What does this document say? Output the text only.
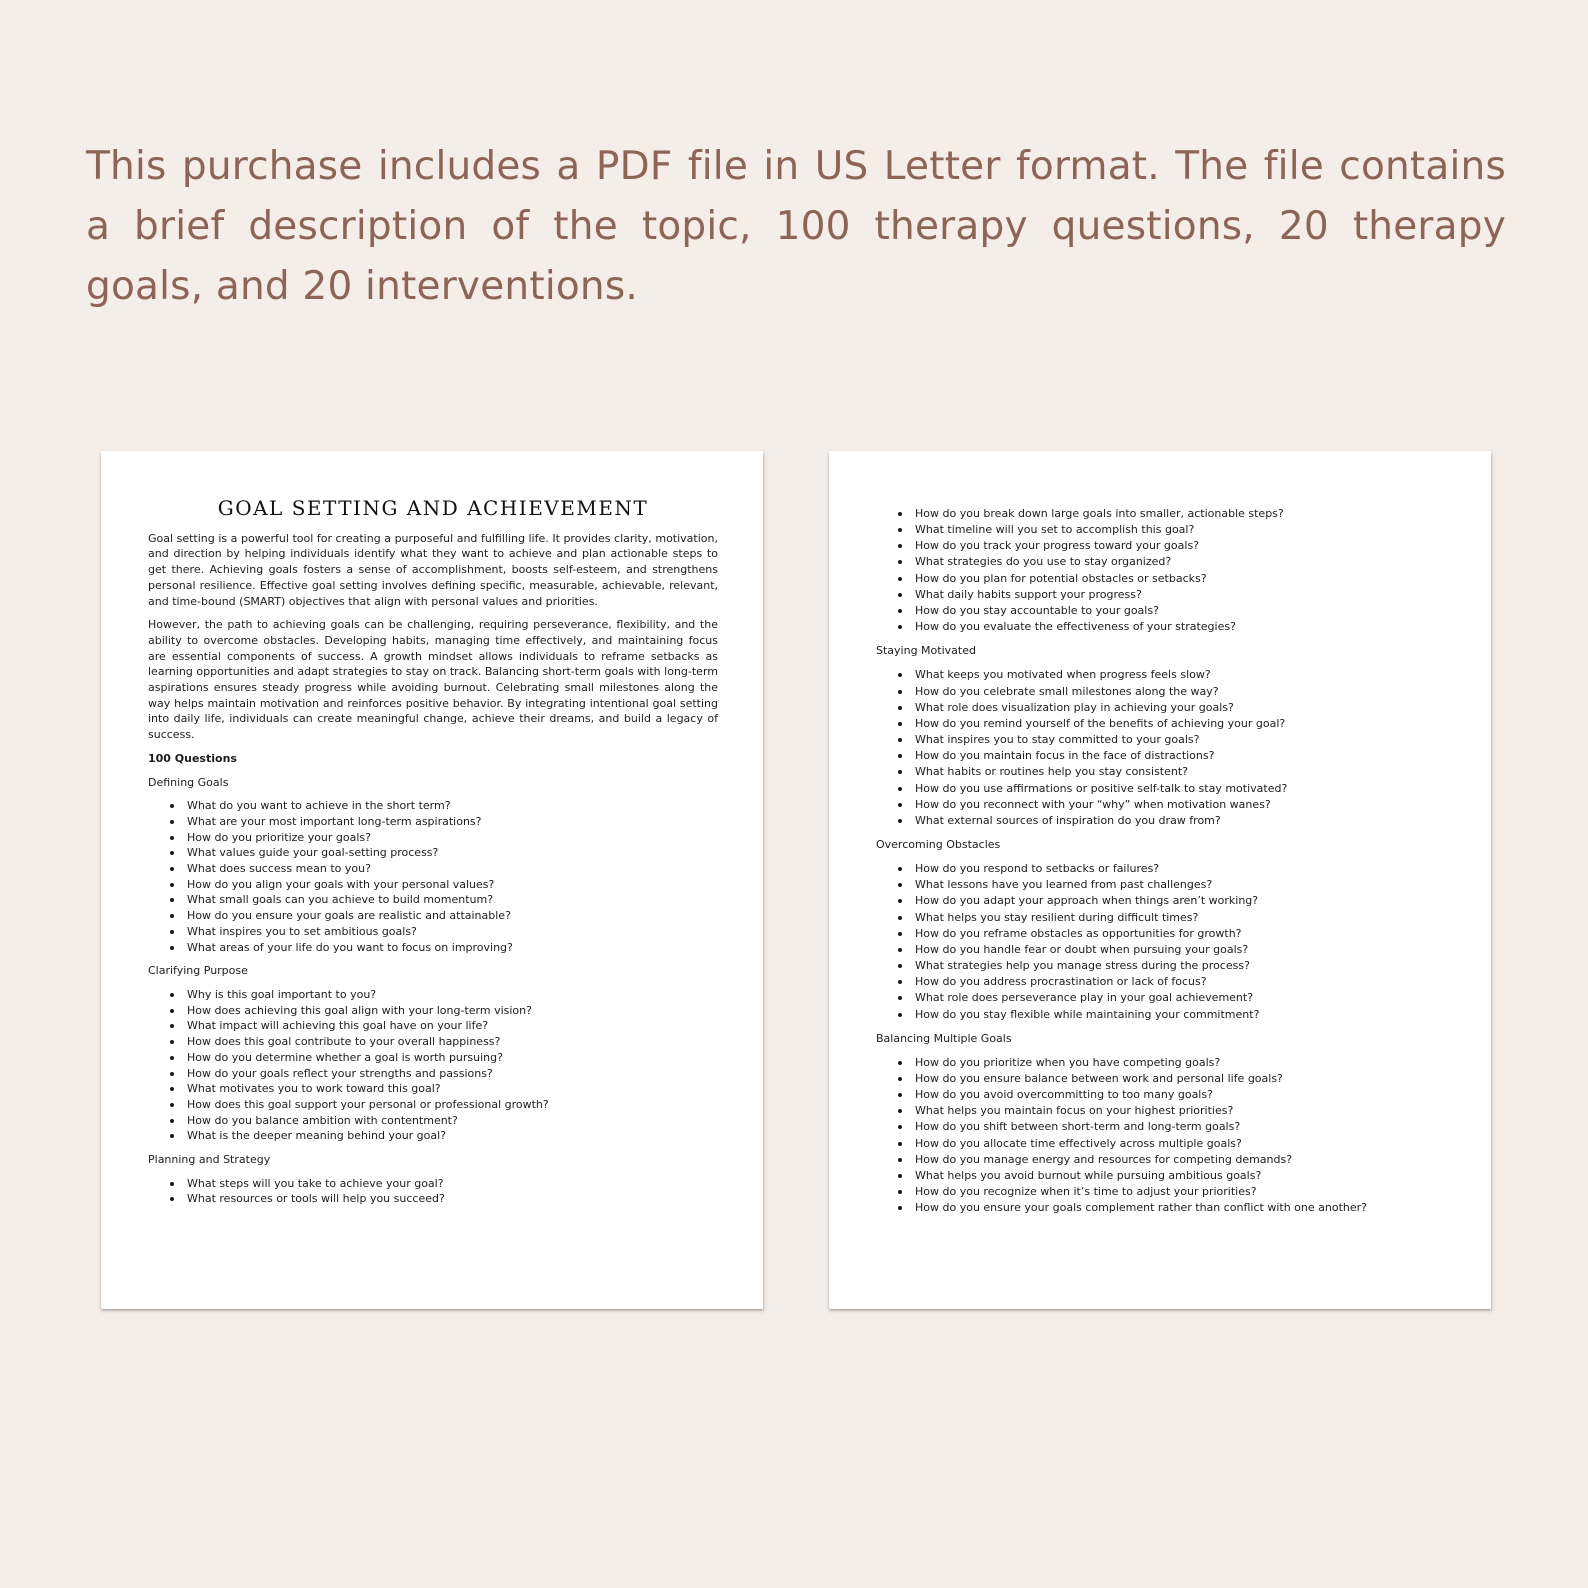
This purchase includes a PDF file in US Letter format. The file contains a brief description of the topic, 100 therapy questions, 20 therapy goals, and 20 interventions.

GOAL SETTING AND ACHIEVEMENT

Goal setting is a powerful tool for creating a purposeful and fulfilling life. It provides clarity, motivation, and direction by helping individuals identify what they want to achieve and plan actionable steps to get there. Achieving goals fosters a sense of accomplishment, boosts self-esteem, and strengthens personal resilience. Effective goal setting involves defining specific, measurable, achievable, relevant, and time-bound (SMART) objectives that align with personal values and priorities.

However, the path to achieving goals can be challenging, requiring perseverance, flexibility, and the ability to overcome obstacles. Developing habits, managing time effectively, and maintaining focus are essential components of success. A growth mindset allows individuals to reframe setbacks as learning opportunities and adapt strategies to stay on track. Balancing short-term goals with long-term aspirations ensures steady progress while avoiding burnout. Celebrating small milestones along the way helps maintain motivation and reinforces positive behavior. By integrating intentional goal setting into daily life, individuals can create meaningful change, achieve their dreams, and build a legacy of success.

100 Questions
Defining Goals
What do you want to achieve in the short term?
What are your most important long-term aspirations?
How do you prioritize your goals?
What values guide your goal-setting process?
What does success mean to you?
How do you align your goals with your personal values?
What small goals can you achieve to build momentum?
How do you ensure your goals are realistic and attainable?
What inspires you to set ambitious goals?
What areas of your life do you want to focus on improving?
Clarifying Purpose
Why is this goal important to you?
How does achieving this goal align with your long-term vision?
What impact will achieving this goal have on your life?
How does this goal contribute to your overall happiness?
How do you determine whether a goal is worth pursuing?
How do your goals reflect your strengths and passions?
What motivates you to work toward this goal?
How does this goal support your personal or professional growth?
How do you balance ambition with contentment?
What is the deeper meaning behind your goal?
Planning and Strategy
What steps will you take to achieve your goal?
What resources or tools will help you succeed?
How do you break down large goals into smaller, actionable steps?
What timeline will you set to accomplish this goal?
How do you track your progress toward your goals?
What strategies do you use to stay organized?
How do you plan for potential obstacles or setbacks?
What daily habits support your progress?
How do you stay accountable to your goals?
How do you evaluate the effectiveness of your strategies?
Staying Motivated
What keeps you motivated when progress feels slow?
How do you celebrate small milestones along the way?
What role does visualization play in achieving your goals?
How do you remind yourself of the benefits of achieving your goal?
What inspires you to stay committed to your goals?
How do you maintain focus in the face of distractions?
What habits or routines help you stay consistent?
How do you use affirmations or positive self-talk to stay motivated?
How do you reconnect with your “why” when motivation wanes?
What external sources of inspiration do you draw from?
Overcoming Obstacles
How do you respond to setbacks or failures?
What lessons have you learned from past challenges?
How do you adapt your approach when things aren’t working?
What helps you stay resilient during difficult times?
How do you reframe obstacles as opportunities for growth?
How do you handle fear or doubt when pursuing your goals?
What strategies help you manage stress during the process?
How do you address procrastination or lack of focus?
What role does perseverance play in your goal achievement?
How do you stay flexible while maintaining your commitment?
Balancing Multiple Goals
How do you prioritize when you have competing goals?
How do you ensure balance between work and personal life goals?
How do you avoid overcommitting to too many goals?
What helps you maintain focus on your highest priorities?
How do you shift between short-term and long-term goals?
How do you allocate time effectively across multiple goals?
How do you manage energy and resources for competing demands?
What helps you avoid burnout while pursuing ambitious goals?
How do you recognize when it’s time to adjust your priorities?
How do you ensure your goals complement rather than conflict with one another?
